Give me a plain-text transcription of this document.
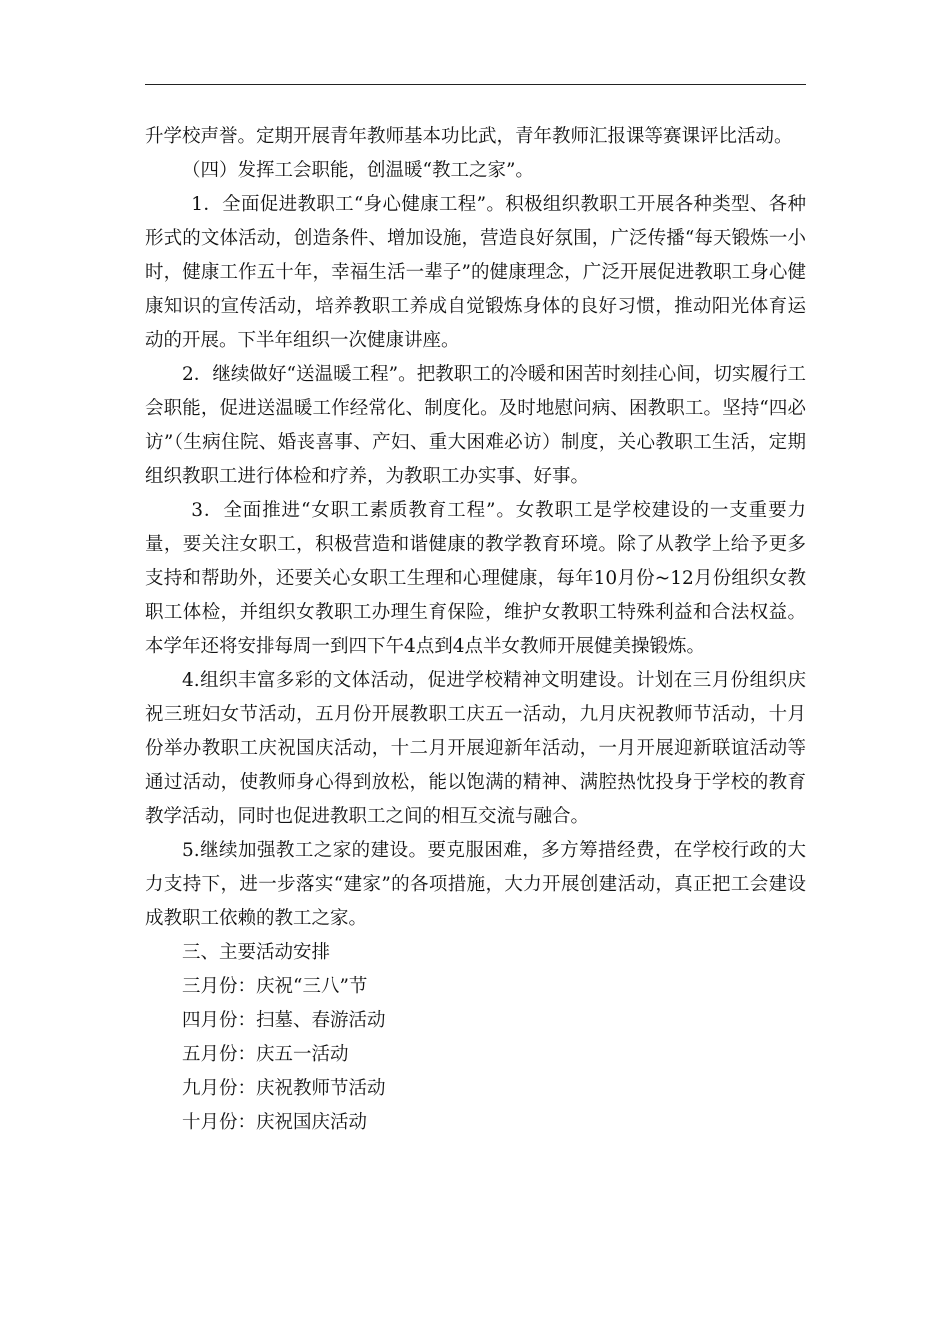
升学校声誉。定期开展青年教师基本功比武，青年教师汇报课等赛课评比活动。

（四）发挥工会职能，创温暖“教工之家”。

1．全面促进教职工“身心健康工程”。积极组织教职工开展各种类型、各种形式的文体活动，创造条件、增加设施，营造良好氛围，广泛传播“每天锻炼一小时，健康工作五十年，幸福生活一辈子”的健康理念，广泛开展促进教职工身心健康知识的宣传活动，培养教职工养成自觉锻炼身体的良好习惯，推动阳光体育运动的开展。下半年组织一次健康讲座。

2．继续做好“送温暖工程”。把教职工的冷暖和困苦时刻挂心间，切实履行工会职能，促进送温暖工作经常化、制度化。及时地慰问病、困教职工。坚持“四必访”（生病住院、婚丧喜事、产妇、重大困难必访）制度，关心教职工生活，定期组织教职工进行体检和疗养，为教职工办实事、好事。

3．全面推进“女职工素质教育工程”。女教职工是学校建设的一支重要力量，要关注女职工，积极营造和谐健康的教学教育环境。除了从教学上给予更多支持和帮助外，还要关心女职工生理和心理健康，每年10月份~12月份组织女教职工体检，并组织女教职工办理生育保险，维护女教职工特殊利益和合法权益。本学年还将安排每周一到四下午4点到4点半女教师开展健美操锻炼。

4.组织丰富多彩的文体活动，促进学校精神文明建设。计划在三月份组织庆祝三班妇女节活动，五月份开展教职工庆五一活动，九月庆祝教师节活动，十月份举办教职工庆祝国庆活动，十二月开展迎新年活动，一月开展迎新联谊活动等通过活动，使教师身心得到放松，能以饱满的精神、满腔热忱投身于学校的教育教学活动，同时也促进教职工之间的相互交流与融合。

5.继续加强教工之家的建设。要克服困难，多方筹措经费，在学校行政的大力支持下，进一步落实“建家”的各项措施，大力开展创建活动，真正把工会建设成教职工依赖的教工之家。

三、主要活动安排

三月份：庆祝“三八”节

四月份：扫墓、春游活动

五月份：庆五一活动

九月份：庆祝教师节活动

十月份：庆祝国庆活动
